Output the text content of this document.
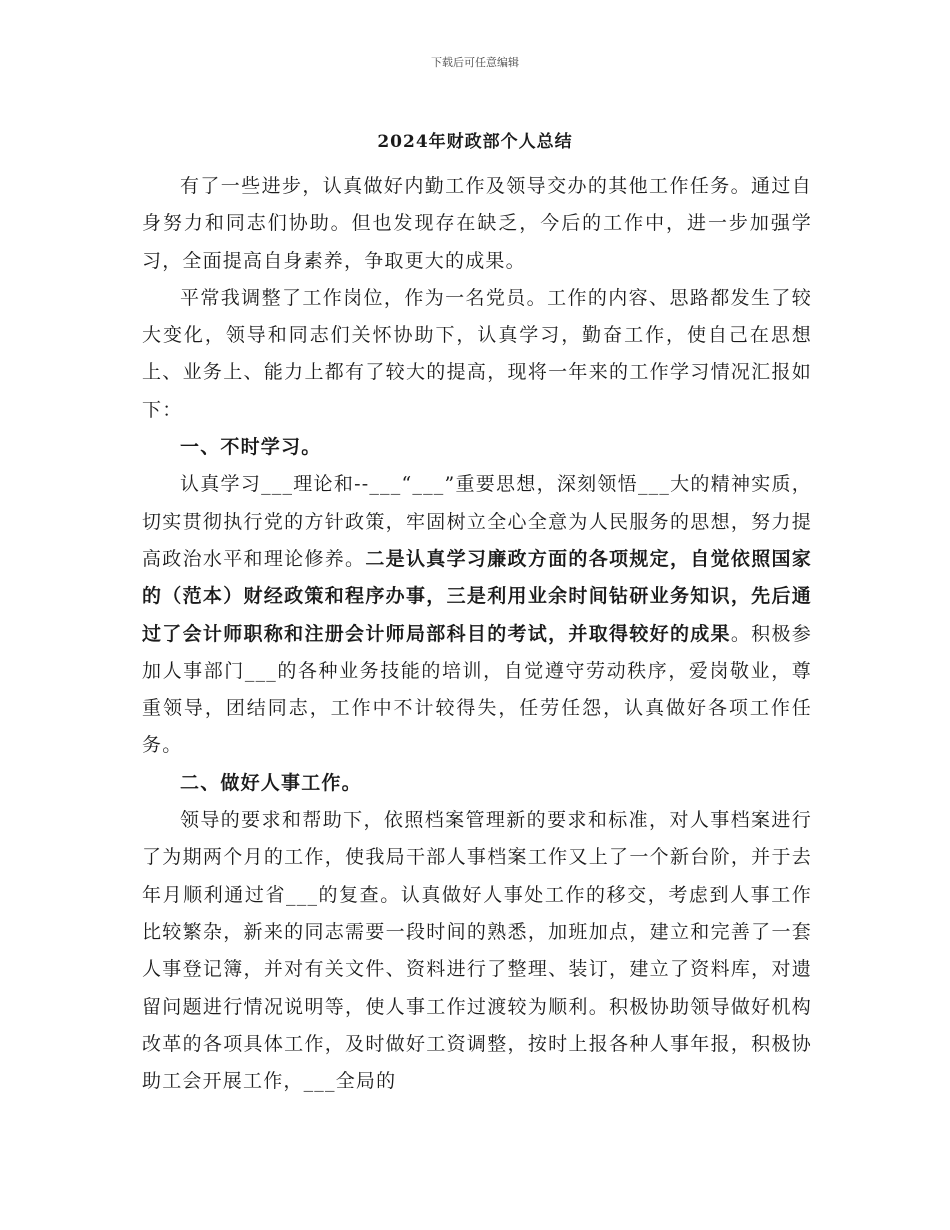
下载后可任意编辑
2024年财政部个人总结

有了一些进步，认真做好内勤工作及领导交办的其他工作任务。通过自身努力和同志们协助。但也发现存在缺乏，今后的工作中，进一步加强学习，全面提高自身素养，争取更大的成果。

平常我调整了工作岗位，作为一名党员。工作的内容、思路都发生了较大变化，领导和同志们关怀协助下，认真学习，勤奋工作，使自己在思想上、业务上、能力上都有了较大的提高，现将一年来的工作学习情况汇报如下：

一、不时学习。

认真学习___理论和--___“___”重要思想，深刻领悟___大的精神实质，切实贯彻执行党的方针政策，牢固树立全心全意为人民服务的思想，努力提高政治水平和理论修养。二是认真学习廉政方面的各项规定，自觉依照国家的（范本）财经政策和程序办事，三是利用业余时间钻研业务知识，先后通过了会计师职称和注册会计师局部科目的考试，并取得较好的成果。积极参加人事部门___的各种业务技能的培训，自觉遵守劳动秩序，爱岗敬业，尊重领导，团结同志，工作中不计较得失，任劳任怨，认真做好各项工作任务。

二、做好人事工作。

领导的要求和帮助下，依照档案管理新的要求和标准，对人事档案进行了为期两个月的工作，使我局干部人事档案工作又上了一个新台阶，并于去年月顺利通过省___的复查。认真做好人事处工作的移交，考虑到人事工作比较繁杂，新来的同志需要一段时间的熟悉，加班加点，建立和完善了一套人事登记簿，并对有关文件、资料进行了整理、装订，建立了资料库，对遗留问题进行情况说明等，使人事工作过渡较为顺利。积极协助领导做好机构改革的各项具体工作，及时做好工资调整，按时上报各种人事年报，积极协助工会开展工作，___全局的
